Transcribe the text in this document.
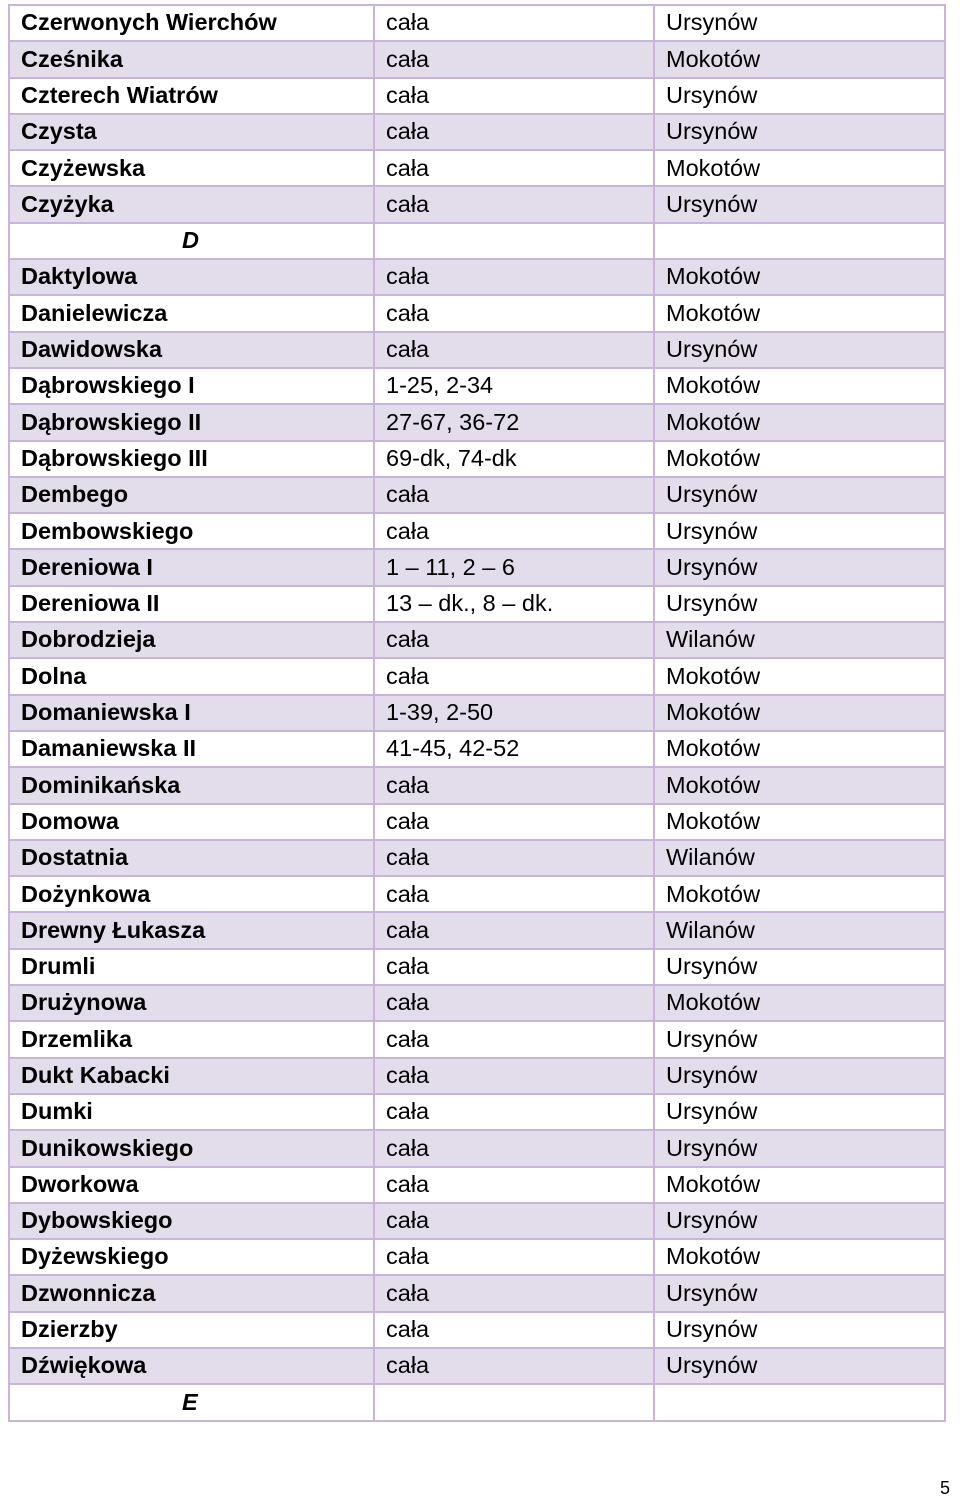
Czerwonych Wierchów	cała	Ursynów
Cześnika	cała	Mokotów
Czterech Wiatrów	cała	Ursynów
Czysta	cała	Ursynów
Czyżewska	cała	Mokotów
Czyżyka	cała	Ursynów
D		
Daktylowa	cała	Mokotów
Danielewicza	cała	Mokotów
Dawidowska	cała	Ursynów
Dąbrowskiego I	1-25, 2-34	Mokotów
Dąbrowskiego II	27-67, 36-72	Mokotów
Dąbrowskiego III	69-dk, 74-dk	Mokotów
Dembego	cała	Ursynów
Dembowskiego	cała	Ursynów
Dereniowa I	1 – 11, 2 – 6	Ursynów
Dereniowa II	13 – dk., 8 – dk.	Ursynów
Dobrodzieja	cała	Wilanów
Dolna	cała	Mokotów
Domaniewska I	1-39, 2-50	Mokotów
Damaniewska II	41-45, 42-52	Mokotów
Dominikańska	cała	Mokotów
Domowa	cała	Mokotów
Dostatnia	cała	Wilanów
Dożynkowa	cała	Mokotów
Drewny Łukasza	cała	Wilanów
Drumli	cała	Ursynów
Drużynowa	cała	Mokotów
Drzemlika	cała	Ursynów
Dukt Kabacki	cała	Ursynów
Dumki	cała	Ursynów
Dunikowskiego	cała	Ursynów
Dworkowa	cała	Mokotów
Dybowskiego	cała	Ursynów
Dyżewskiego	cała	Mokotów
Dzwonnicza	cała	Ursynów
Dzierzby	cała	Ursynów
Dźwiękowa	cała	Ursynów
E		
5
